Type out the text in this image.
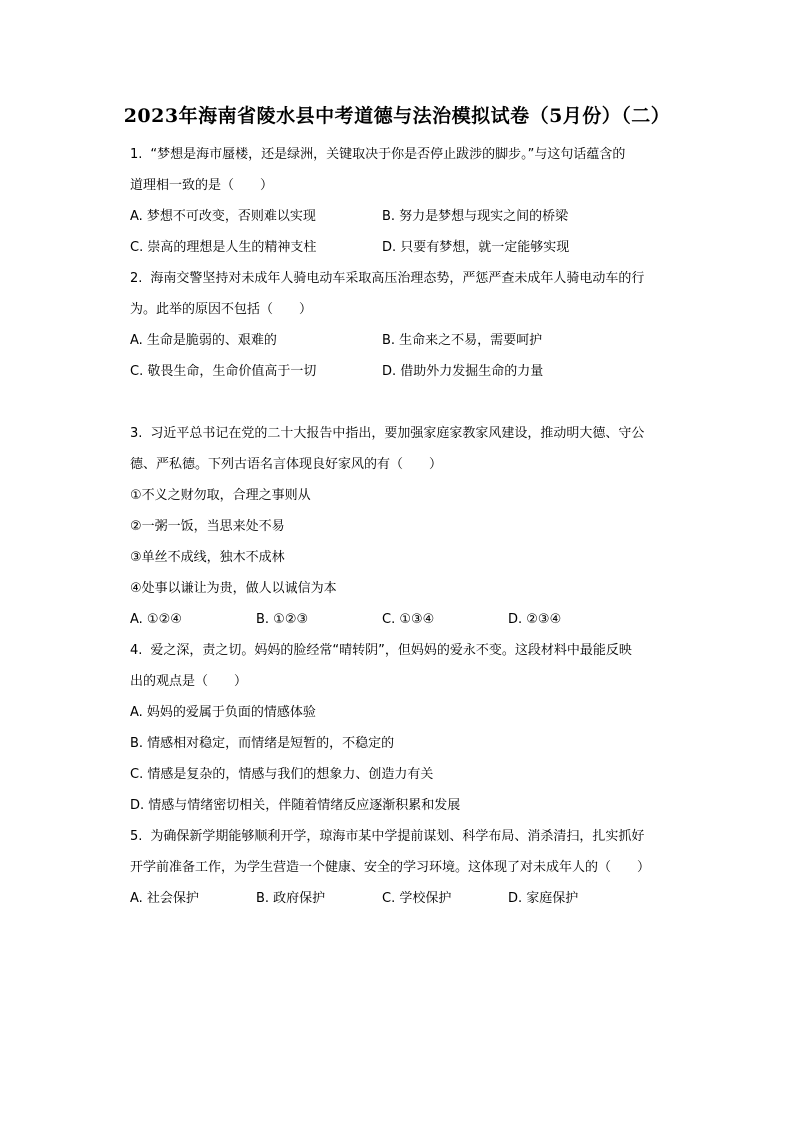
2023年海南省陵水县中考道德与法治模拟试卷（5月份）（二）
1. “梦想是海市蜃楼，还是绿洲，关键取决于你是否停止跋涉的脚步。”与这句话蕴含的
道理相一致的是（　　）
A. 梦想不可改变，否则难以实现	B. 努力是梦想与现实之间的桥梁
C. 崇高的理想是人生的精神支柱	D. 只要有梦想，就一定能够实现
2. 海南交警坚持对未成年人骑电动车采取高压治理态势，严惩严查未成年人骑电动车的行
为。此举的原因不包括（　　）
A. 生命是脆弱的、艰难的	B. 生命来之不易，需要呵护
C. 敬畏生命，生命价值高于一切	D. 借助外力发掘生命的力量
3. 习近平总书记在党的二十大报告中指出，要加强家庭家教家风建设，推动明大德、守公
德、严私德。下列古语名言体现良好家风的有（　　）
①不义之财勿取，合理之事则从
②一粥一饭，当思来处不易
③单丝不成线，独木不成林
④处事以谦让为贵，做人以诚信为本
A. ①②④	B. ①②③	C. ①③④	D. ②③④
4. 爱之深，责之切。妈妈的脸经常“晴转阴”，但妈妈的爱永不变。这段材料中最能反映
出的观点是（　　）
A. 妈妈的爱属于负面的情感体验
B. 情感相对稳定，而情绪是短暂的，不稳定的
C. 情感是复杂的，情感与我们的想象力、创造力有关
D. 情感与情绪密切相关，伴随着情绪反应逐渐积累和发展
5. 为确保新学期能够顺利开学，琼海市某中学提前谋划、科学布局、消杀清扫，扎实抓好
开学前准备工作，为学生营造一个健康、安全的学习环境。这体现了对未成年人的（　　）
A. 社会保护	B. 政府保护	C. 学校保护	D. 家庭保护
